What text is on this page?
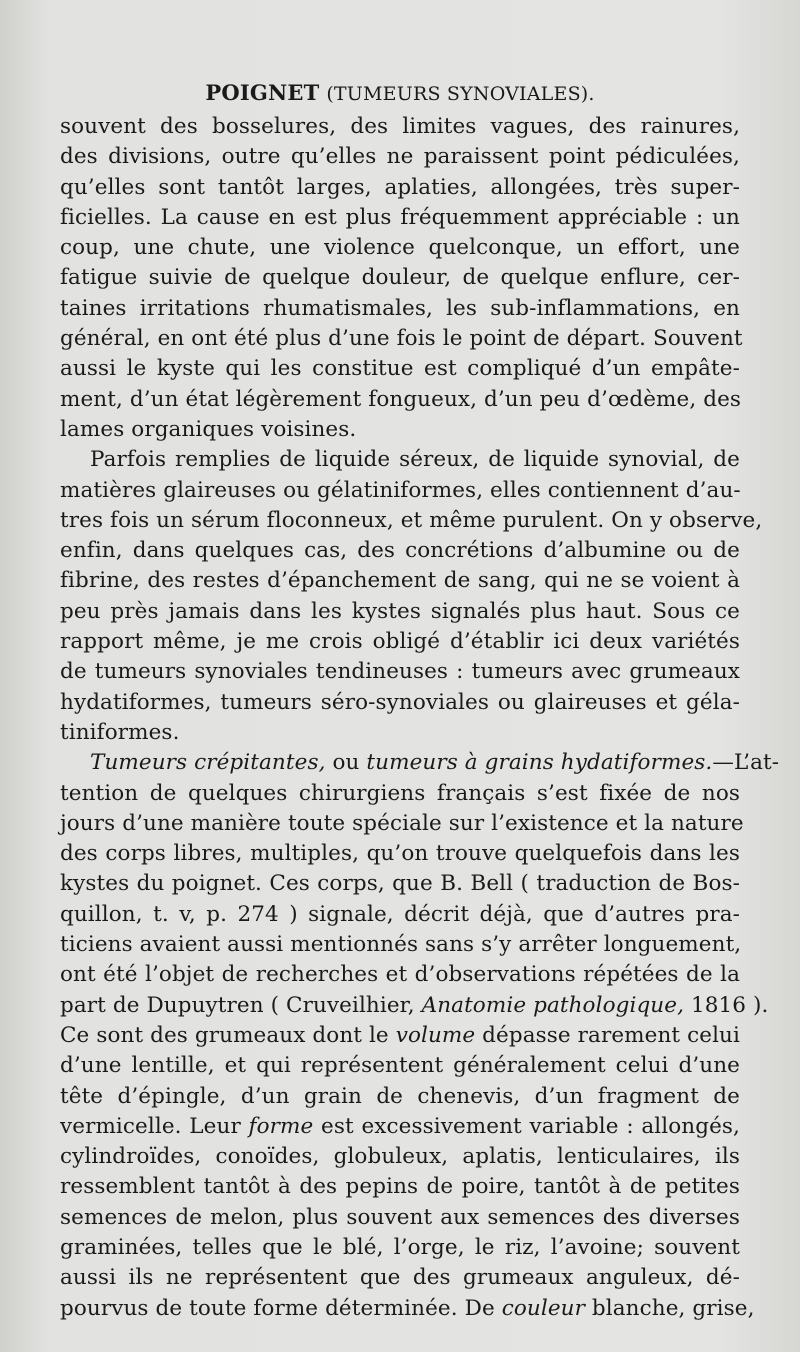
POIGNET (TUMEURS SYNOVIALES).
souvent des bosselures, des limites vagues, des rainures,
des divisions, outre qu’elles ne paraissent point pédiculées,
qu’elles sont tantôt larges, aplaties, allongées, très super-
ficielles. La cause en est plus fréquemment appréciable : un
coup, une chute, une violence quelconque, un effort, une
fatigue suivie de quelque douleur, de quelque enflure, cer-
taines irritations rhumatismales, les sub-inflammations, en
général, en ont été plus d’une fois le point de départ. Souvent
aussi le kyste qui les constitue est compliqué d’un empâte-
ment, d’un état légèrement fongueux, d’un peu d’œdème, des
lames organiques voisines.
Parfois remplies de liquide séreux, de liquide synovial, de
matières glaireuses ou gélatiniformes, elles contiennent d’au-
tres fois un sérum floconneux, et même purulent. On y observe,
enfin, dans quelques cas, des concrétions d’albumine ou de
fibrine, des restes d’épanchement de sang, qui ne se voient à
peu près jamais dans les kystes signalés plus haut. Sous ce
rapport même, je me crois obligé d’établir ici deux variétés
de tumeurs synoviales tendineuses : tumeurs avec grumeaux
hydatiformes, tumeurs séro-synoviales ou glaireuses et géla-
tiniformes.
Tumeurs crépitantes, ou tumeurs à grains hydatiformes.—L’at-
tention de quelques chirurgiens français s’est fixée de nos
jours d’une manière toute spéciale sur l’existence et la nature
des corps libres, multiples, qu’on trouve quelquefois dans les
kystes du poignet. Ces corps, que B. Bell ( traduction de Bos-
quillon, t. v, p. 274 ) signale, décrit déjà, que d’autres pra-
ticiens avaient aussi mentionnés sans s’y arrêter longuement,
ont été l’objet de recherches et d’observations répétées de la
part de Dupuytren ( Cruveilhier, Anatomie pathologique, 1816 ).
Ce sont des grumeaux dont le volume dépasse rarement celui
d’une lentille, et qui représentent généralement celui d’une
tête d’épingle, d’un grain de chenevis, d’un fragment de
vermicelle. Leur forme est excessivement variable : allongés,
cylindroïdes, conoïdes, globuleux, aplatis, lenticulaires, ils
ressemblent tantôt à des pepins de poire, tantôt à de petites
semences de melon, plus souvent aux semences des diverses
graminées, telles que le blé, l’orge, le riz, l’avoine; souvent
aussi ils ne représentent que des grumeaux anguleux, dé-
pourvus de toute forme déterminée. De couleur blanche, grise,
